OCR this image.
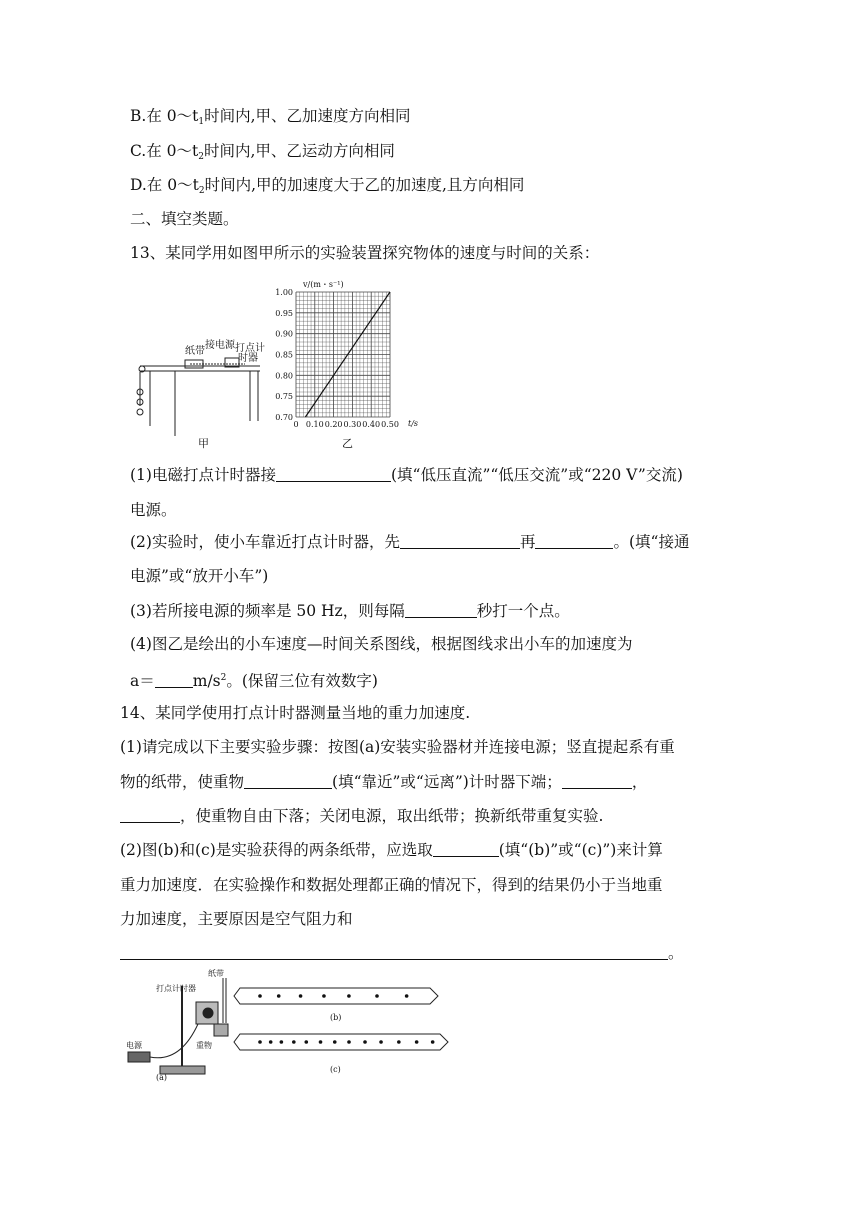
B.在 $0\sim t_1$时间内,甲、乙加速度方向相同
C.在 $0\sim t_2$时间内,甲、乙运动方向相同
D.在 $0\sim t_2$时间内,甲的加速度大于乙的加速度,且方向相同
二、填空类题。
13、某同学用如图甲所示的实验装置探究物体的速度与时间的关系：
纸带
接电源 打点计
时器
甲
0.70
0.75
0.80
0.85
0.90
0.95
1.00
0 0.10 0.20 0.30 0.40 0.50
v/(m・s⁻¹)
t/s
乙
(1)电磁打点计时器接	(填“低压直流”“低压交流”或“220 V”交流)
电源。
(2)实验时，使小车靠近打点计时器，先	再	。(填“接通
电源”或“放开小车”)
(3)若所接电源的频率是 50 Hz，则每隔	秒打一个点。
(4)图乙是绘出的小车速度—时间关系图线，根据图线求出小车的加速度为
$a= m/s^2$。(保留三位有效数字)
14、某同学使用打点计时器测量当地的重力加速度.
(1)请完成以下主要实验步骤：按图(a)安装实验器材并连接电源；竖直提起系有重
物的纸带，使重物	(填“靠近”或“远离”)计时器下端；	，
，使重物自由下落；关闭电源，取出纸带；换新纸带重复实验.
(2)图(b)和(c)是实验获得的两条纸带，应选取	(填“(b)”或“(c)”)来计算
重力加速度．在实验操作和数据处理都正确的情况下，得到的结果仍小于当地重
力加速度，主要原因是空气阻力和
。
纸带
打点计时器
电源	重物
(a)
(b)
(c)
